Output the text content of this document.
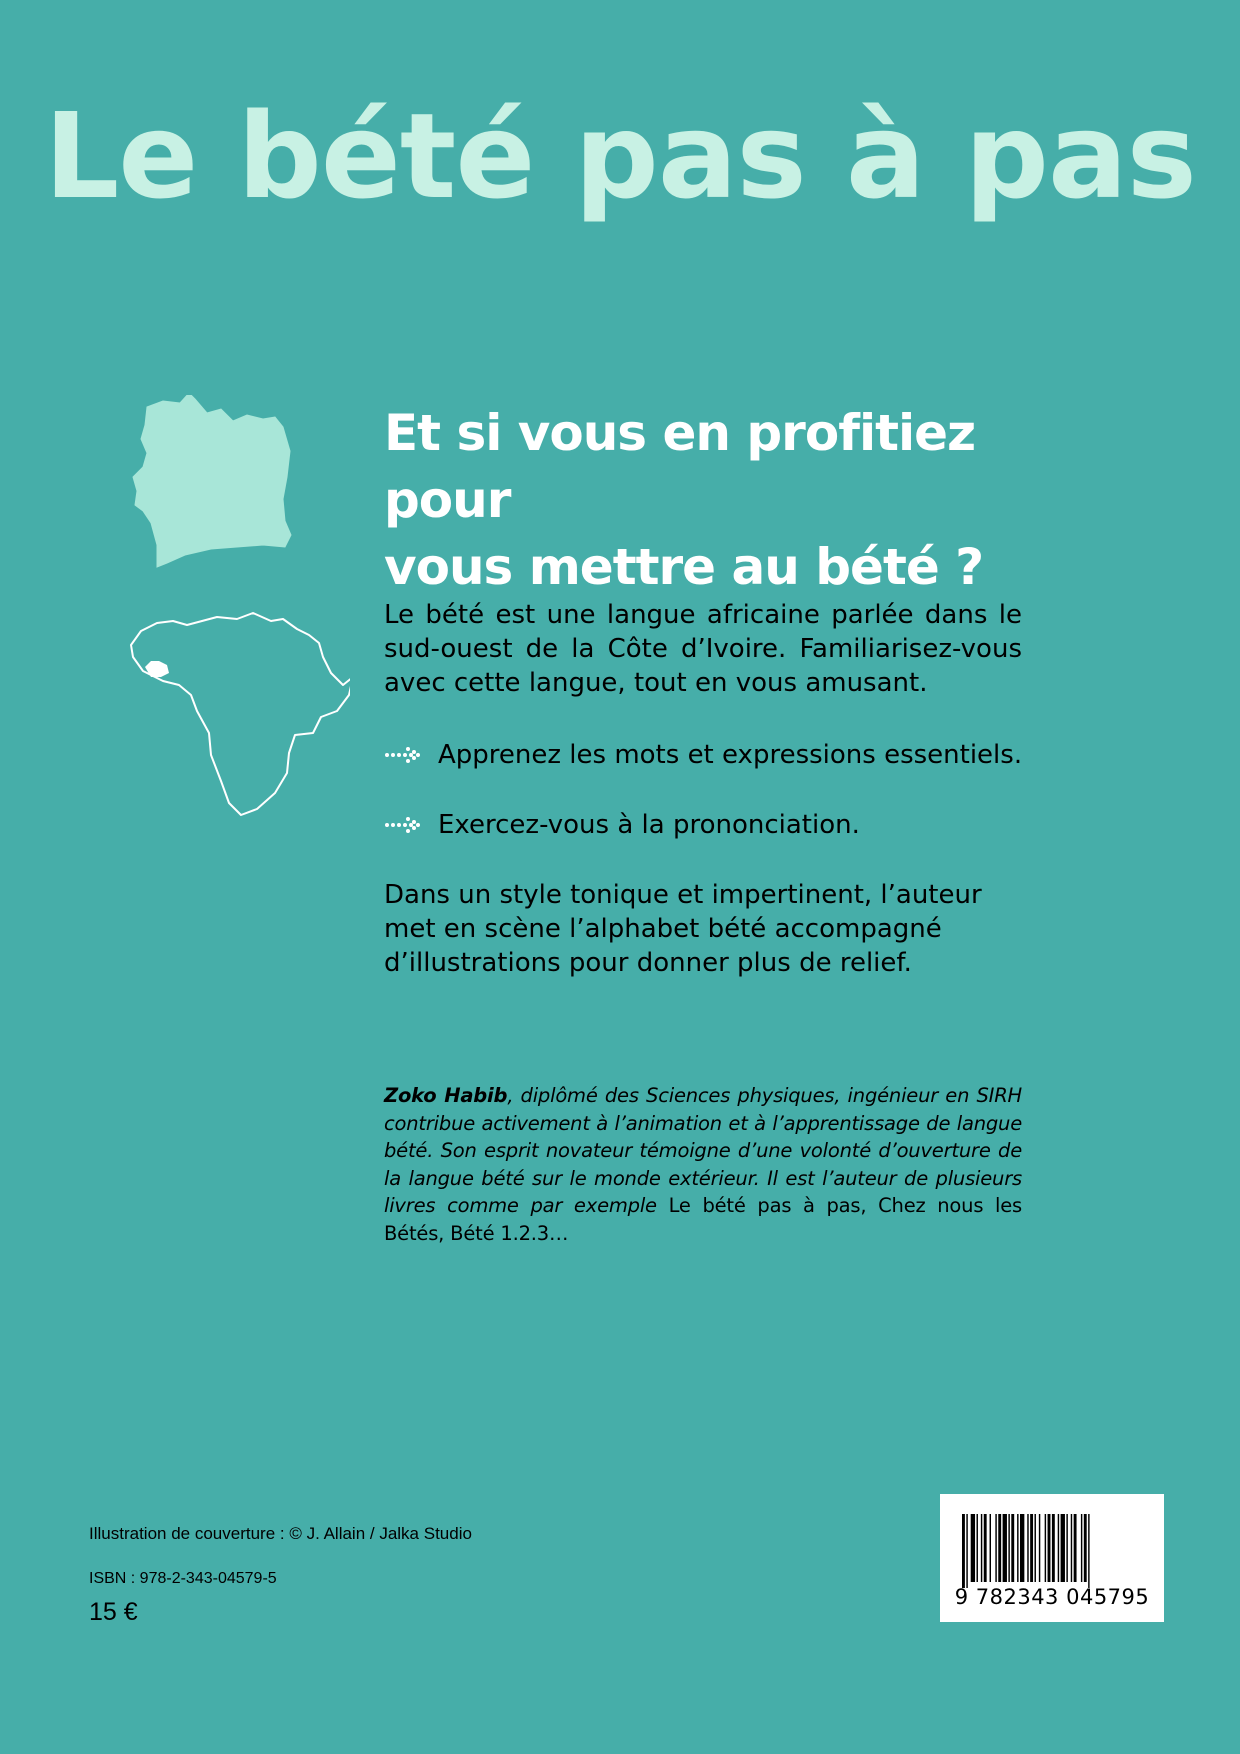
Le bété pas à pas
Et si vous en profitiez pour
vous mettre au bété ?

Le bété est une langue africaine parlée dans le sud-ouest de la Côte d’Ivoire. Familiarisez-vous avec cette langue, tout en vous amusant.

Apprenez les mots et expressions essentiels.
Exercez-vous à la prononciation.

Dans un style tonique et impertinent, l’auteur met en scène l’alphabet bété accompagné d’illustrations pour donner plus de relief.

Zoko Habib, diplômé des Sciences physiques, ingénieur en SIRH contribue activement à l’animation et à l’apprentissage de langue bété. Son esprit novateur témoigne d’une volonté d’ouverture de la langue bété sur le monde extérieur. Il est l’auteur de plusieurs livres comme par exemple Le bété pas à pas, Chez nous les Bétés, Bété 1.2.3…

Illustration de couverture : © J. Allain / Jalka Studio

ISBN : 978-2-343-04579-5

15 €

9 782343 045795
